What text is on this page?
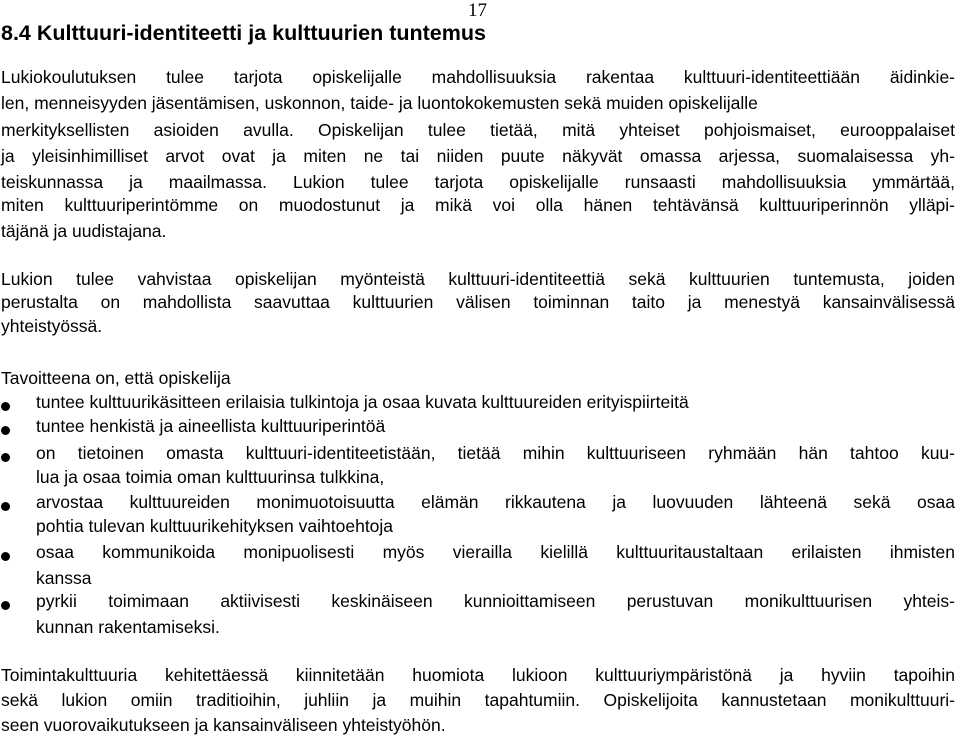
17
8.4 Kulttuuri-identiteetti ja kulttuurien tuntemus
Lukiokoulutuksen tulee tarjota opiskelijalle mahdollisuuksia rakentaa kulttuuri-identiteettiään äidinkie-
len, menneisyyden jäsentämisen, uskonnon, taide- ja luontokokemusten sekä muiden opiskelijalle
merkityksellisten asioiden avulla. Opiskelijan tulee tietää, mitä yhteiset pohjoismaiset, eurooppalaiset
ja yleisinhimilliset arvot ovat ja miten ne tai niiden puute näkyvät omassa arjessa, suomalaisessa yh-
teiskunnassa ja maailmassa. Lukion tulee tarjota opiskelijalle runsaasti mahdollisuuksia ymmärtää,
miten kulttuuriperintömme on muodostunut ja mikä voi olla hänen tehtävänsä kulttuuriperinnön ylläpi-
täjänä ja uudistajana.
Lukion tulee vahvistaa opiskelijan myönteistä kulttuuri-identiteettiä sekä kulttuurien tuntemusta, joiden
perustalta on mahdollista saavuttaa kulttuurien välisen toiminnan taito ja menestyä kansainvälisessä
yhteistyössä.
Tavoitteena on, että opiskelija
tuntee kulttuurikäsitteen erilaisia tulkintoja ja osaa kuvata kulttuureiden erityispiirteitä
tuntee henkistä ja aineellista kulttuuriperintöä
on tietoinen omasta kulttuuri-identiteetistään, tietää mihin kulttuuriseen ryhmään hän tahtoo kuu-
lua ja osaa toimia oman kulttuurinsa tulkkina,
arvostaa kulttuureiden monimuotoisuutta elämän rikkautena ja luovuuden lähteenä sekä osaa
pohtia tulevan kulttuurikehityksen vaihtoehtoja
osaa kommunikoida monipuolisesti myös vierailla kielillä kulttuuritaustaltaan erilaisten ihmisten
kanssa
pyrkii toimimaan aktiivisesti keskinäiseen kunnioittamiseen perustuvan monikulttuurisen yhteis-
kunnan rakentamiseksi.
Toimintakulttuuria kehitettäessä kiinnitetään huomiota lukioon kulttuuriympäristönä ja hyviin tapoihin
sekä lukion omiin traditioihin, juhliin ja muihin tapahtumiin. Opiskelijoita kannustetaan monikulttuuri-
seen vuorovaikutukseen ja kansainväliseen yhteistyöhön.
